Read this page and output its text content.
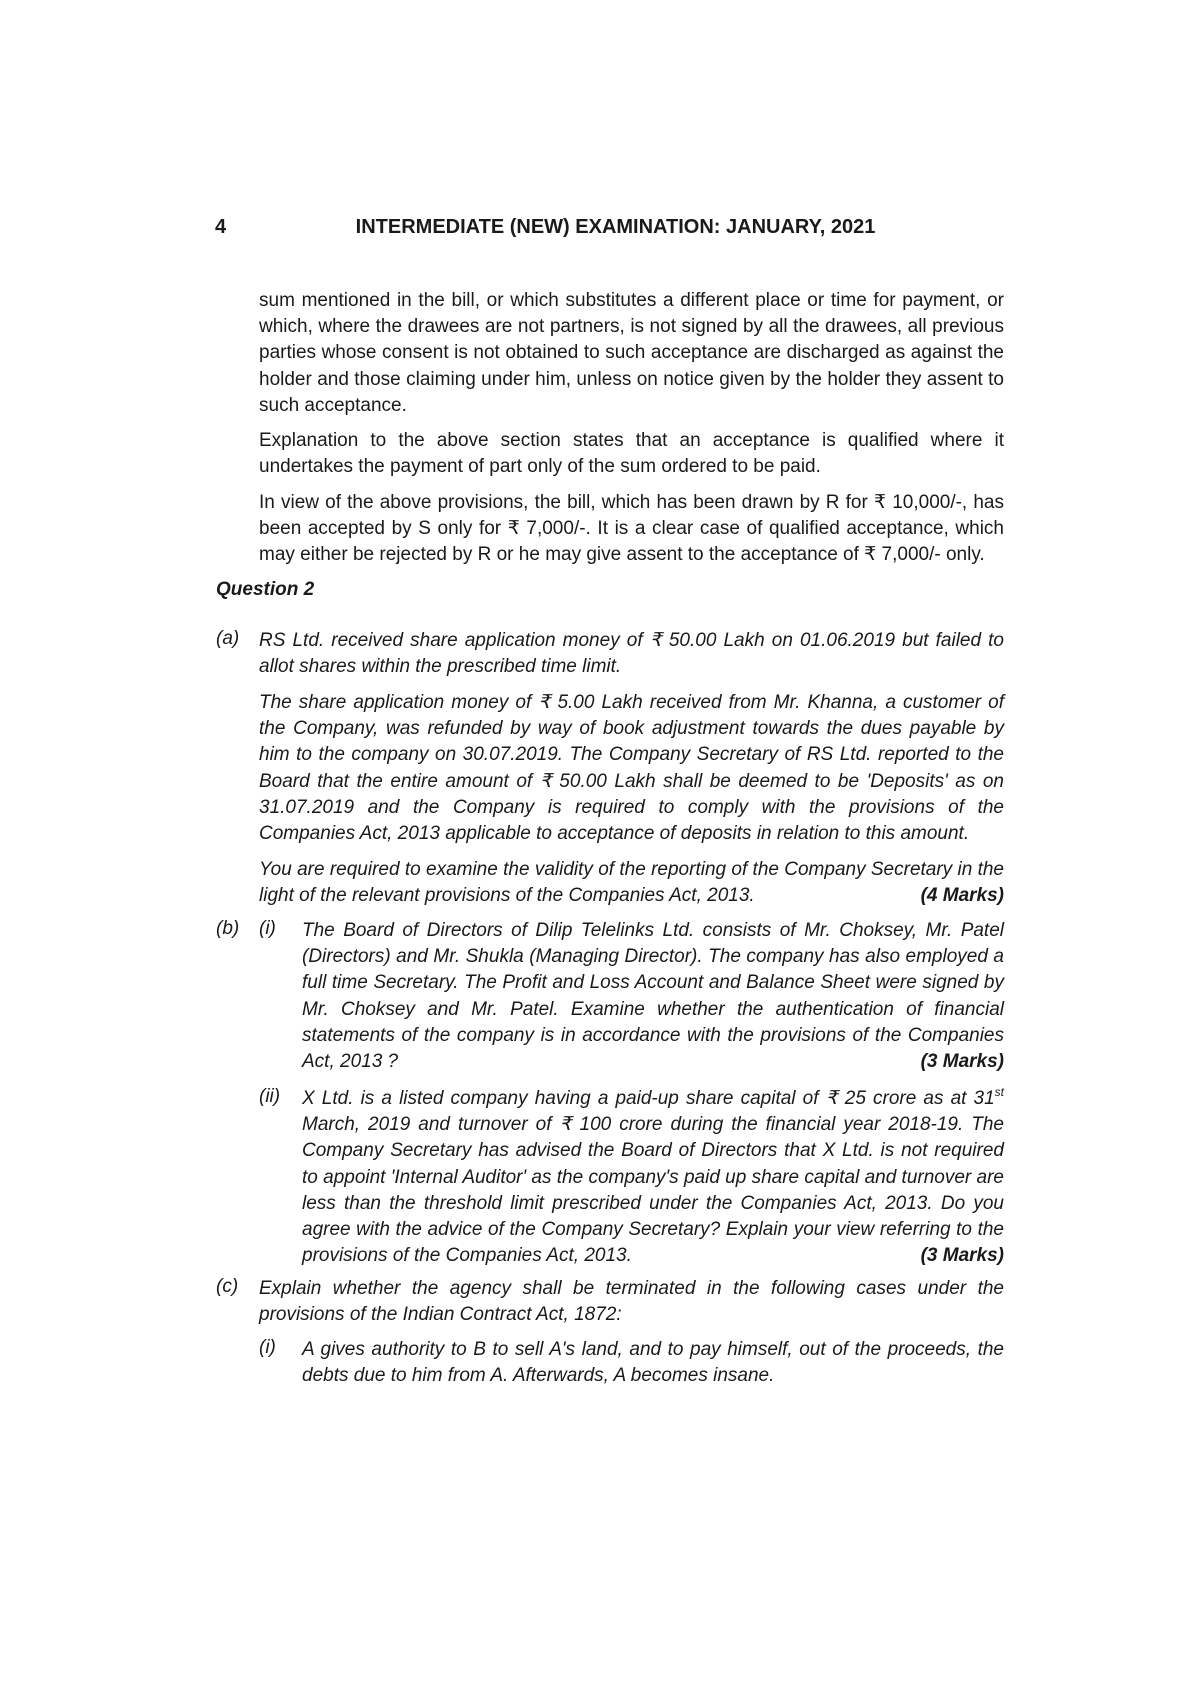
4	INTERMEDIATE (NEW) EXAMINATION: JANUARY, 2021

sum mentioned in the bill, or which substitutes a different place or time for payment, or which, where the drawees are not partners, is not signed by all the drawees, all previous parties whose consent is not obtained to such acceptance are discharged as against the holder and those claiming under him, unless on notice given by the holder they assent to such acceptance.

Explanation to the above section states that an acceptance is qualified where it undertakes the payment of part only of the sum ordered to be paid.

In view of the above provisions, the bill, which has been drawn by R for ₹ 10,000/-, has been accepted by S only for ₹ 7,000/-. It is a clear case of qualified acceptance, which may either be rejected by R or he may give assent to the acceptance of ₹ 7,000/- only.

Question 2
(a) RS Ltd. received share application money of ₹ 50.00 Lakh on 01.06.2019 but failed to allot shares within the prescribed time limit.

The share application money of ₹ 5.00 Lakh received from Mr. Khanna, a customer of the Company, was refunded by way of book adjustment towards the dues payable by him to the company on 30.07.2019. The Company Secretary of RS Ltd. reported to the Board that the entire amount of ₹ 50.00 Lakh shall be deemed to be 'Deposits' as on 31.07.2019 and the Company is required to comply with the provisions of the Companies Act, 2013 applicable to acceptance of deposits in relation to this amount.

You are required to examine the validity of the reporting of the Company Secretary in the light of the relevant provisions of the Companies Act, 2013.	(4 Marks)
(b) (i) The Board of Directors of Dilip Telelinks Ltd. consists of Mr. Choksey, Mr. Patel (Directors) and Mr. Shukla (Managing Director). The company has also employed a full time Secretary. The Profit and Loss Account and Balance Sheet were signed by Mr. Choksey and Mr. Patel. Examine whether the authentication of financial statements of the company is in accordance with the provisions of the Companies Act, 2013 ?	(3 Marks)
(ii) X Ltd. is a listed company having a paid-up share capital of ₹ 25 crore as at 31st March, 2019 and turnover of ₹ 100 crore during the financial year 2018-19. The Company Secretary has advised the Board of Directors that X Ltd. is not required to appoint 'Internal Auditor' as the company's paid up share capital and turnover are less than the threshold limit prescribed under the Companies Act, 2013. Do you agree with the advice of the Company Secretary? Explain your view referring to the provisions of the Companies Act, 2013.	(3 Marks)
(c) Explain whether the agency shall be terminated in the following cases under the provisions of the Indian Contract Act, 1872:

(i) A gives authority to B to sell A's land, and to pay himself, out of the proceeds, the debts due to him from A. Afterwards, A becomes insane.
